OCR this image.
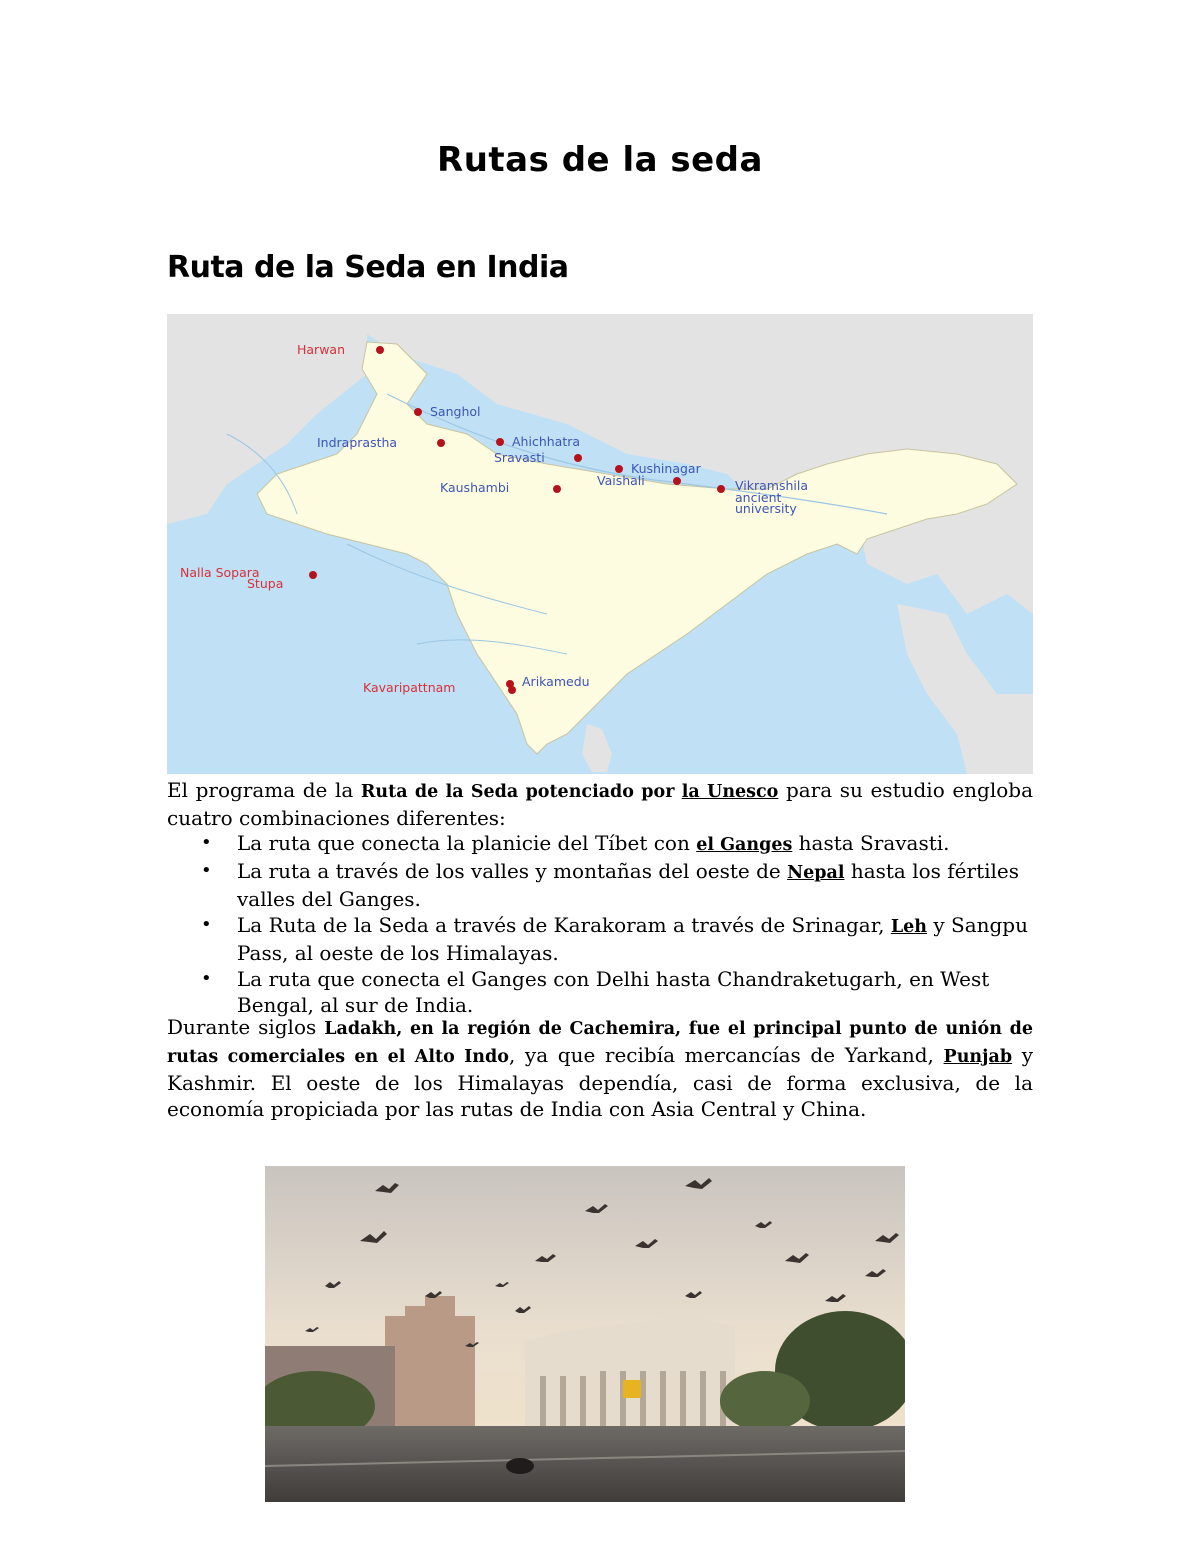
Rutas de la seda
Ruta de la Seda en India
Harwan
Sanghol
Indraprastha	Ahichhatra
Sravasti
Kushinagar
Vaishali
Kaushambi	Vikramshila
ancient
university
Nalla Sopara
Stupa
Kavaripattnam	Arikamedu
El programa de la Ruta de la Seda potenciado por la Unesco para su estudio engloba cuatro combinaciones diferentes:
• La ruta que conecta la planicie del Tíbet con el Ganges hasta Sravasti.
• La ruta a través de los valles y montañas del oeste de Nepal hasta los fértiles valles del Ganges.
• La Ruta de la Seda a través de Karakoram a través de Srinagar, Leh y Sangpu Pass, al oeste de los Himalayas.
• La ruta que conecta el Ganges con Delhi hasta Chandraketugarh, en West Bengal, al sur de India.
Durante siglos Ladakh, en la región de Cachemira, fue el principal punto de unión de rutas comerciales en el Alto Indo, ya que recibía mercancías de Yarkand, Punjab y Kashmir. El oeste de los Himalayas dependía, casi de forma exclusiva, de la economía propiciada por las rutas de India con Asia Central y China.
